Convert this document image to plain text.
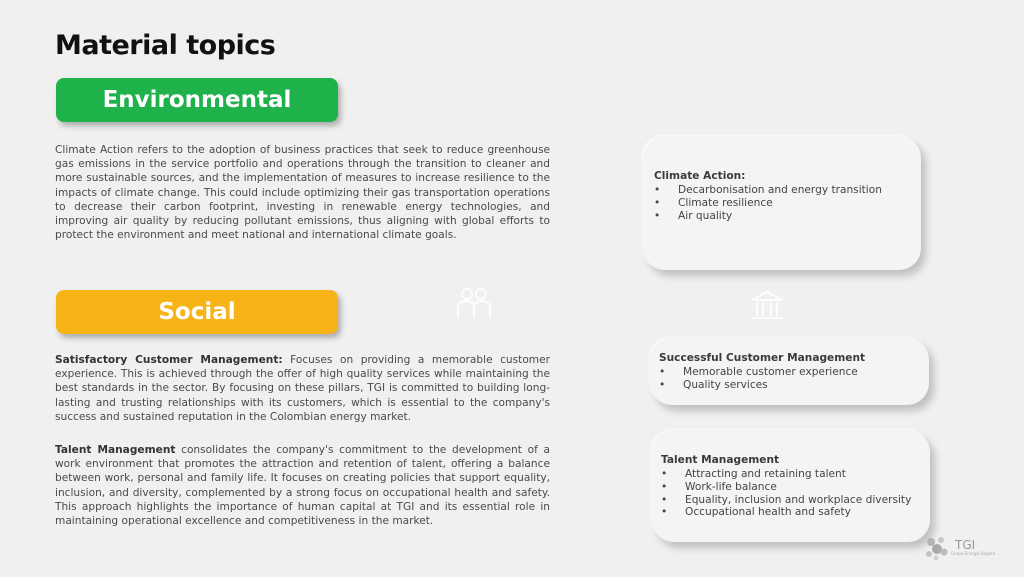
Material topics
Environmental
Climate Action refers to the adoption of business practices that seek to reduce greenhouse gas emissions in the service portfolio and operations through the transition to cleaner and more sustainable sources, and the implementation of measures to increase resilience to the impacts of climate change. This could include optimizing their gas transportation operations to decrease their carbon footprint, investing in renewable energy technologies, and improving air quality by reducing pollutant emissions, thus aligning with global efforts to protect the environment and meet national and international climate goals.
Social
Satisfactory Customer Management: Focuses on providing a memorable customer experience. This is achieved through the offer of high quality services while maintaining the best standards in the sector. By focusing on these pillars, TGI is committed to building long-lasting and trusting relationships with its customers, which is essential to the company's success and sustained reputation in the Colombian energy market.
Talent Management consolidates the company's commitment to the development of a work environment that promotes the attraction and retention of talent, offering a balance between work, personal and family life. It focuses on creating policies that support equality, inclusion, and diversity, complemented by a strong focus on occupational health and safety. This approach highlights the importance of human capital at TGI and its essential role in maintaining operational excellence and competitiveness in the market.
Climate Action:
• Decarbonisation and energy transition
• Climate resilience
• Air quality
Successful Customer Management
• Memorable customer experience
• Quality services
Talent Management
• Attracting and retaining talent
• Work-life balance
• Equality, inclusion and workplace diversity
• Occupational health and safety
TGI
Grupo Energía Bogotá
